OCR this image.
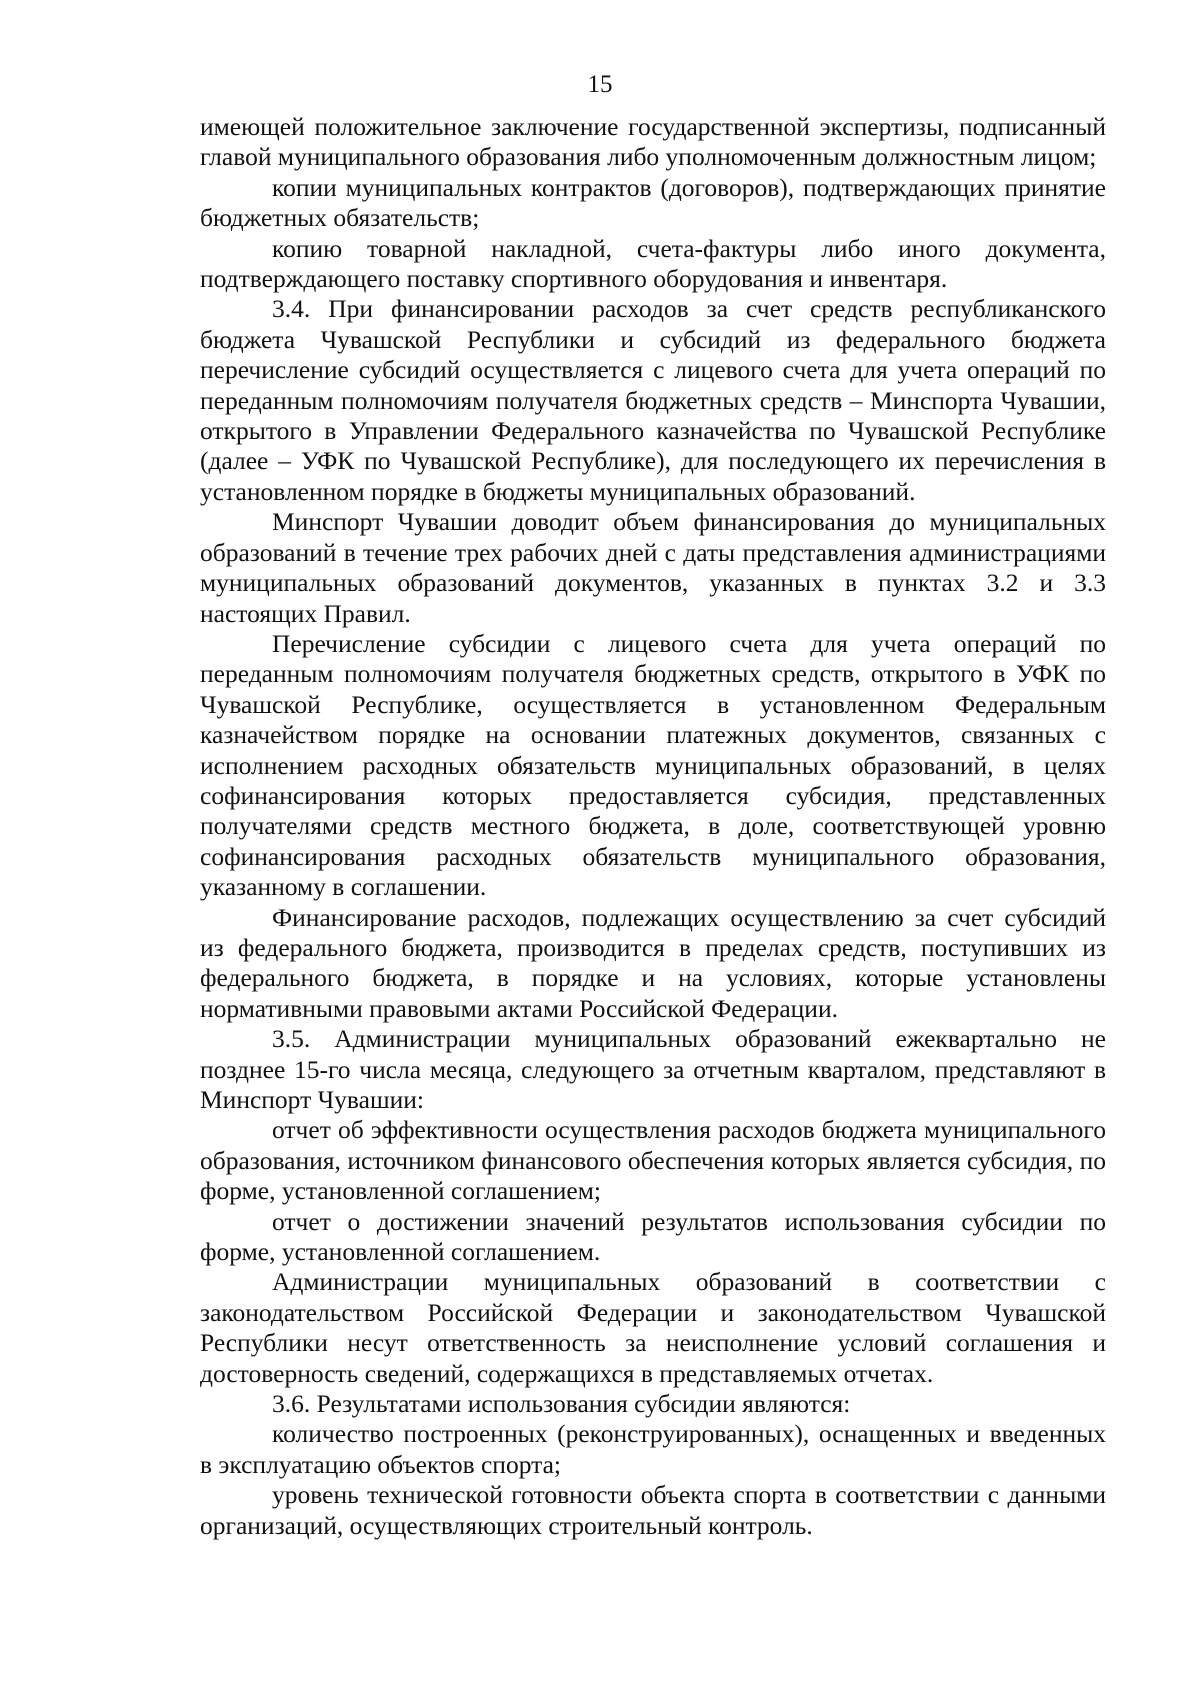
15

имеющей положительное заключение государственной экспертизы, подписанный главой муниципального образования либо уполномоченным должностным лицом;

копии муниципальных контрактов (договоров), подтверждающих принятие бюджетных обязательств;

копию товарной накладной, счета-фактуры либо иного документа, подтверждающего поставку спортивного оборудования и инвентаря.

3.4. При финансировании расходов за счет средств республиканского бюджета Чувашской Республики и субсидий из федерального бюджета перечисление субсидий осуществляется с лицевого счета для учета операций по переданным полномочиям получателя бюджетных средств – Минспорта Чувашии, открытого в Управлении Федерального казначейства по Чувашской Республике (далее – УФК по Чувашской Республике), для последующего их перечисления в установленном порядке в бюджеты муниципальных образований.

Минспорт Чувашии доводит объем финансирования до муниципальных образований в течение трех рабочих дней с даты представления администрациями муниципальных образований документов, указанных в пунктах 3.2 и 3.3 настоящих Правил.

Перечисление субсидии с лицевого счета для учета операций по переданным полномочиям получателя бюджетных средств, открытого в УФК по Чувашской Республике, осуществляется в установленном Федеральным казначейством порядке на основании платежных документов, связанных с исполнением расходных обязательств муниципальных образований, в целях софинансирования которых предоставляется субсидия, представленных получателями средств местного бюджета, в доле, соответствующей уровню софинансирования расходных обязательств муниципального образования, указанному в соглашении.

Финансирование расходов, подлежащих осуществлению за счет субсидий из федерального бюджета, производится в пределах средств, поступивших из федерального бюджета, в порядке и на условиях, которые установлены нормативными правовыми актами Российской Федерации.

3.5. Администрации муниципальных образований ежеквартально не позднее 15-го числа месяца, следующего за отчетным кварталом, представляют в Минспорт Чувашии:

отчет об эффективности осуществления расходов бюджета муниципального образования, источником финансового обеспечения которых является субсидия, по форме, установленной соглашением;

отчет о достижении значений результатов использования субсидии по форме, установленной соглашением.

Администрации муниципальных образований в соответствии с законодательством Российской Федерации и законодательством Чувашской Республики несут ответственность за неисполнение условий соглашения и достоверность сведений, содержащихся в представляемых отчетах.

3.6. Результатами использования субсидии являются:

количество построенных (реконструированных), оснащенных и введенных в эксплуатацию объектов спорта;

уровень технической готовности объекта спорта в соответствии с данными организаций, осуществляющих строительный контроль.
